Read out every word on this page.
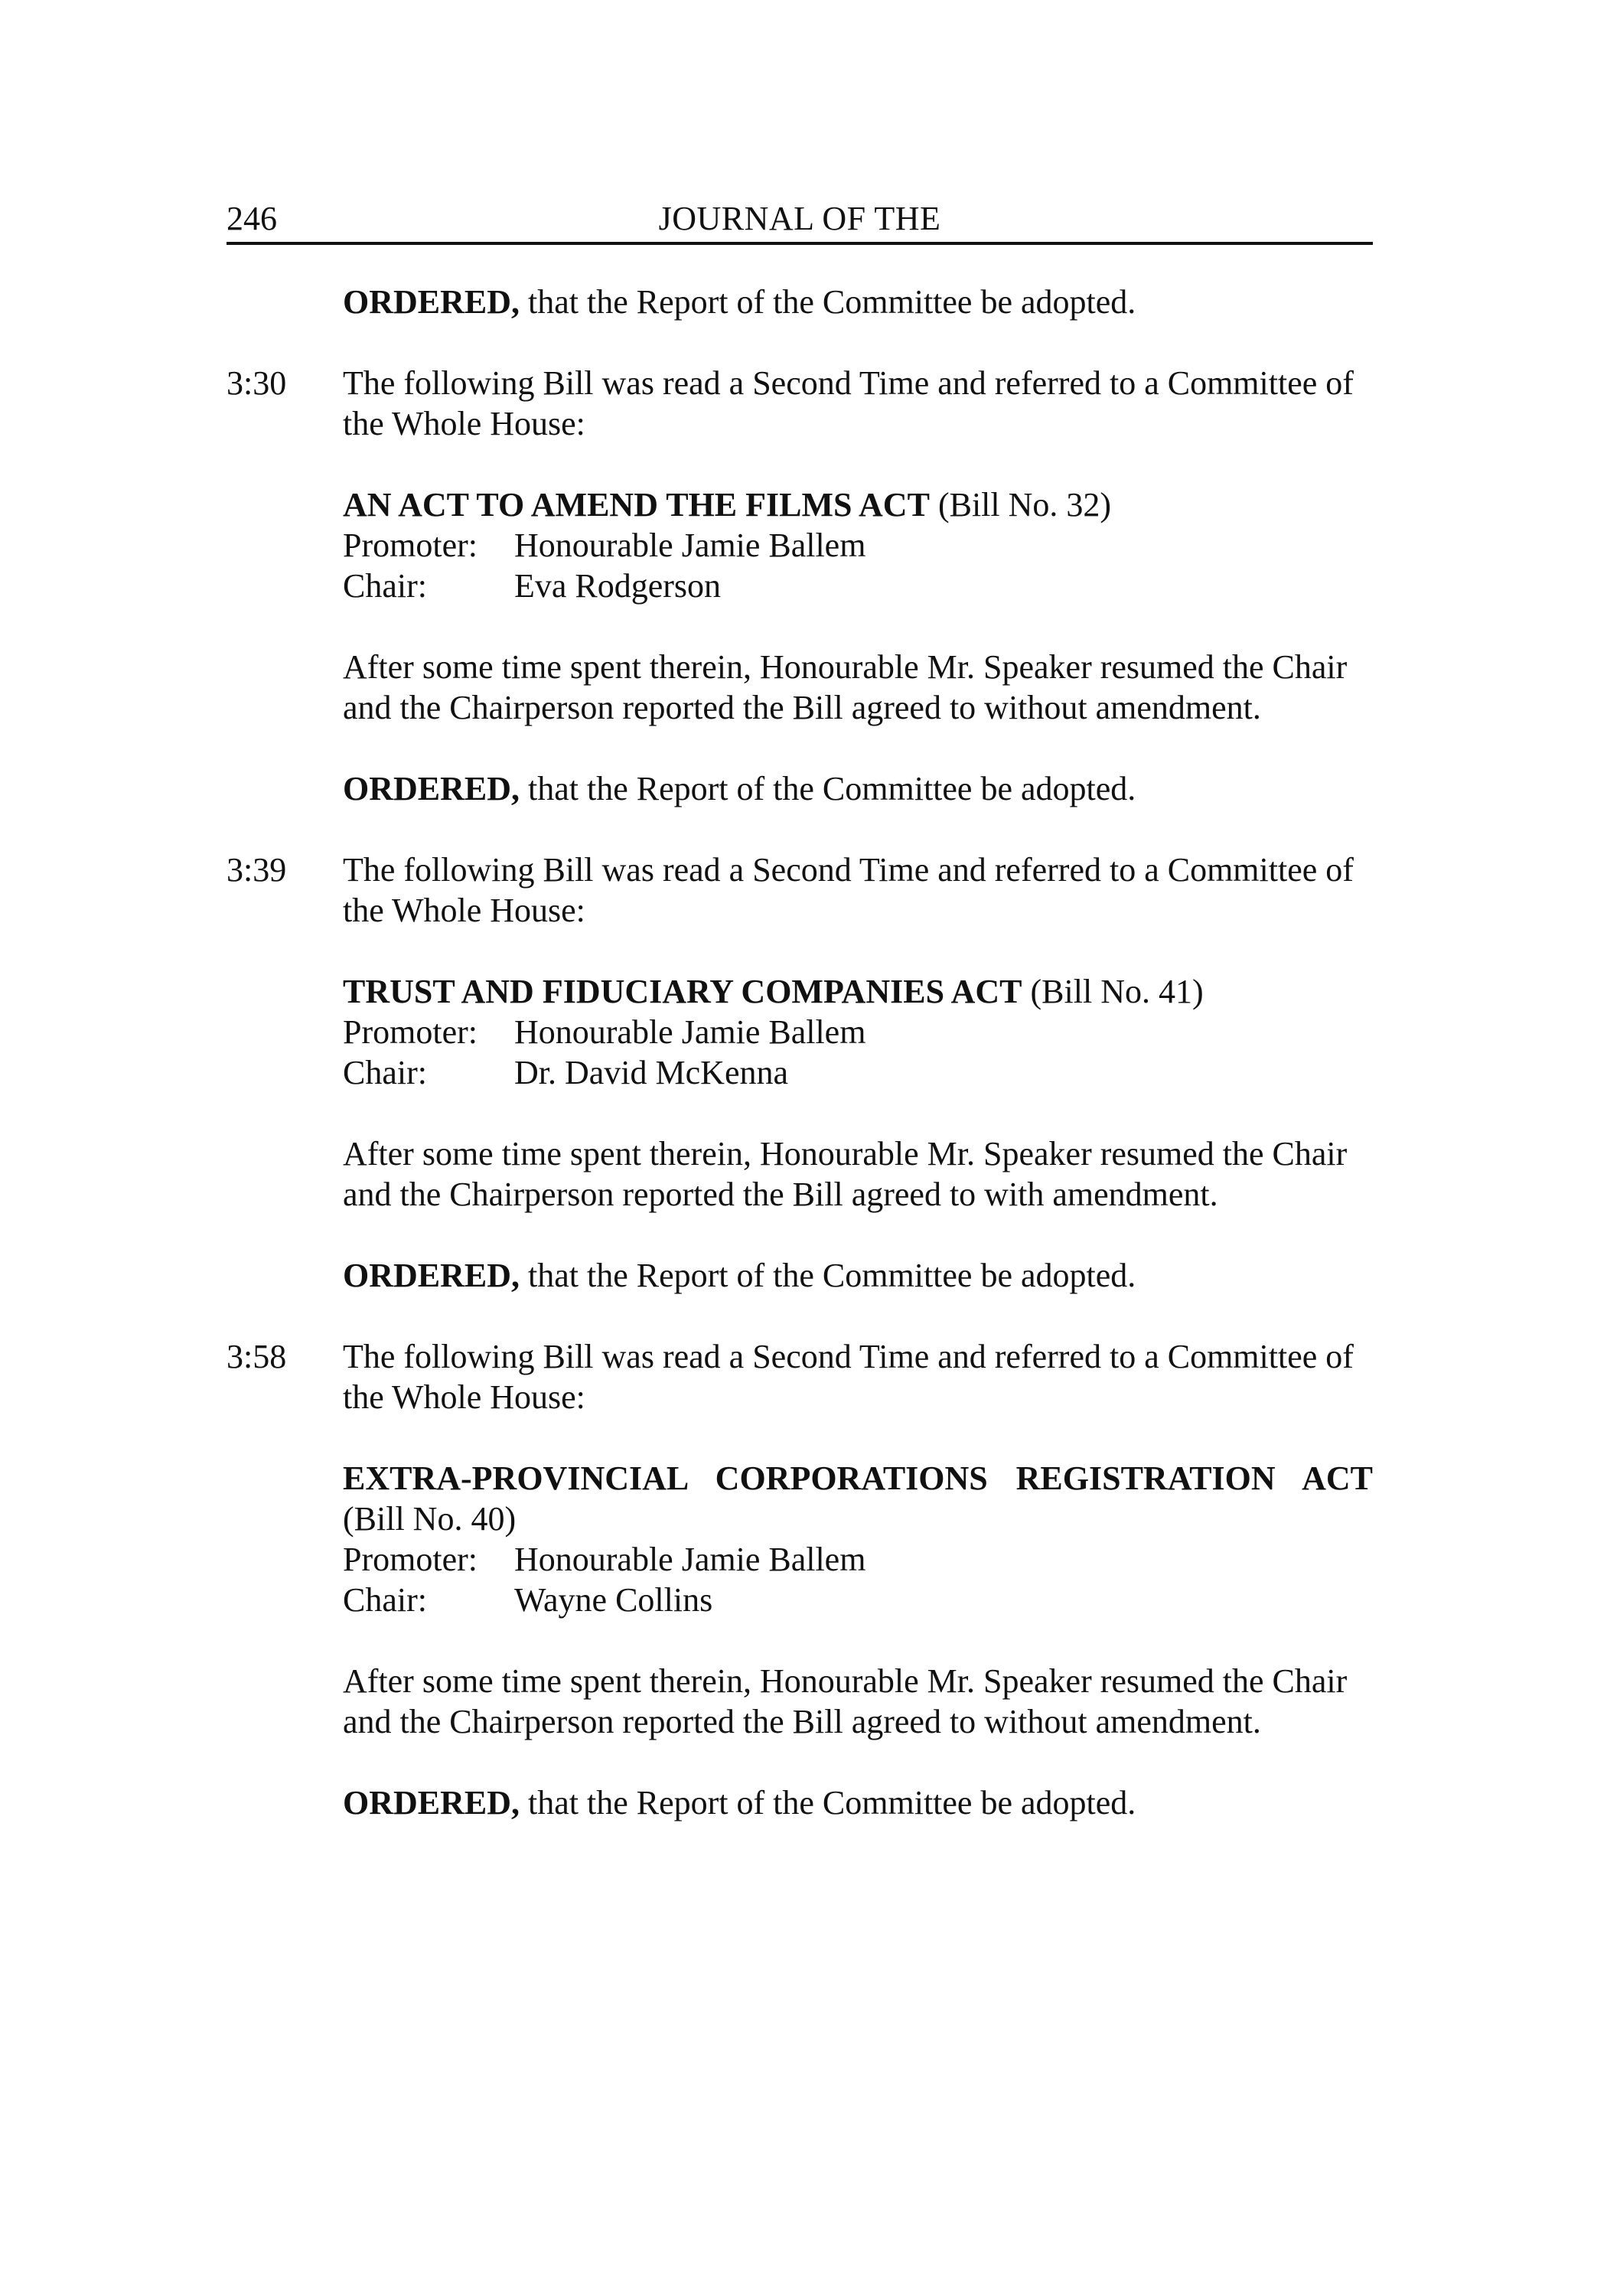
246	JOURNAL OF THE
ORDERED, that the Report of the Committee be adopted.
3:30	The following Bill was read a Second Time and referred to a Committee of the Whole House:
AN ACT TO AMEND THE FILMS ACT (Bill No. 32)
Promoter:	Honourable Jamie Ballem
Chair:	Eva Rodgerson
After some time spent therein, Honourable Mr. Speaker resumed the Chair and the Chairperson reported the Bill agreed to without amendment.
ORDERED, that the Report of the Committee be adopted.
3:39	The following Bill was read a Second Time and referred to a Committee of the Whole House:
TRUST AND FIDUCIARY COMPANIES ACT (Bill No. 41)
Promoter:	Honourable Jamie Ballem
Chair:	Dr. David McKenna
After some time spent therein, Honourable Mr. Speaker resumed the Chair and the Chairperson reported the Bill agreed to with amendment.
ORDERED, that the Report of the Committee be adopted.
3:58	The following Bill was read a Second Time and referred to a Committee of the Whole House:
EXTRA-PROVINCIAL CORPORATIONS REGISTRATION ACT
(Bill No. 40)
Promoter:	Honourable Jamie Ballem
Chair:	Wayne Collins
After some time spent therein, Honourable Mr. Speaker resumed the Chair and the Chairperson reported the Bill agreed to without amendment.
ORDERED, that the Report of the Committee be adopted.
